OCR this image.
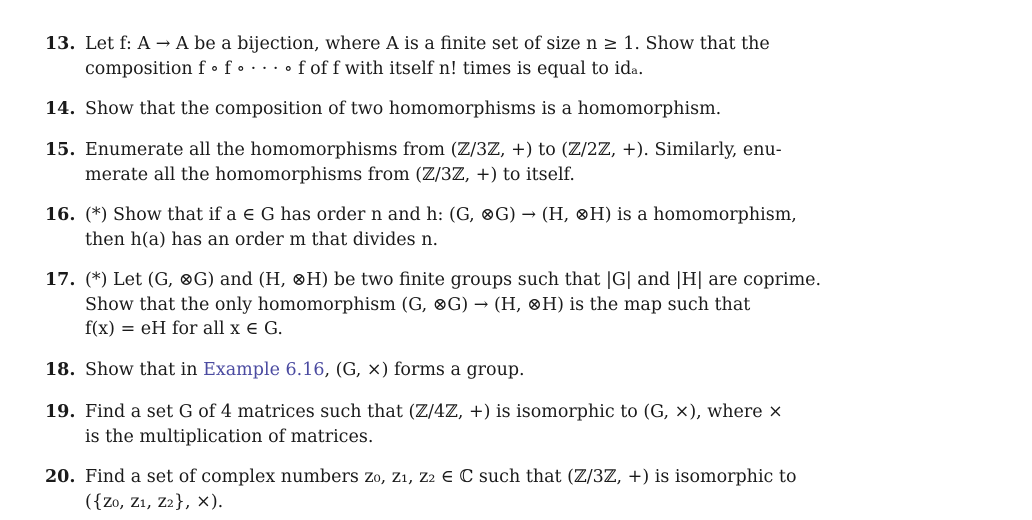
13. Let f: A → A be a bijection, where A is a finite set of size n ≥ 1. Show that the
composition f ∘ f ∘ · · · ∘ f of f with itself n! times is equal to idₐ.
14. Show that the composition of two homomorphisms is a homomorphism.
15. Enumerate all the homomorphisms from (ℤ/3ℤ, +) to (ℤ/2ℤ, +). Similarly, enu-
merate all the homomorphisms from (ℤ/3ℤ, +) to itself.
16. (*) Show that if a ∈ G has order n and h: (G, ⊗G) → (H, ⊗H) is a homomorphism,
then h(a) has an order m that divides n.
17. (*) Let (G, ⊗G) and (H, ⊗H) be two finite groups such that |G| and |H| are coprime.
Show that the only homomorphism (G, ⊗G) → (H, ⊗H) is the map such that
f(x) = eH for all x ∈ G.
18. Show that in Example 6.16, (G, ×) forms a group.
19. Find a set G of 4 matrices such that (ℤ/4ℤ, +) is isomorphic to (G, ×), where ×
is the multiplication of matrices.
20. Find a set of complex numbers z₀, z₁, z₂ ∈ ℂ such that (ℤ/3ℤ, +) is isomorphic to
({z₀, z₁, z₂}, ×).
